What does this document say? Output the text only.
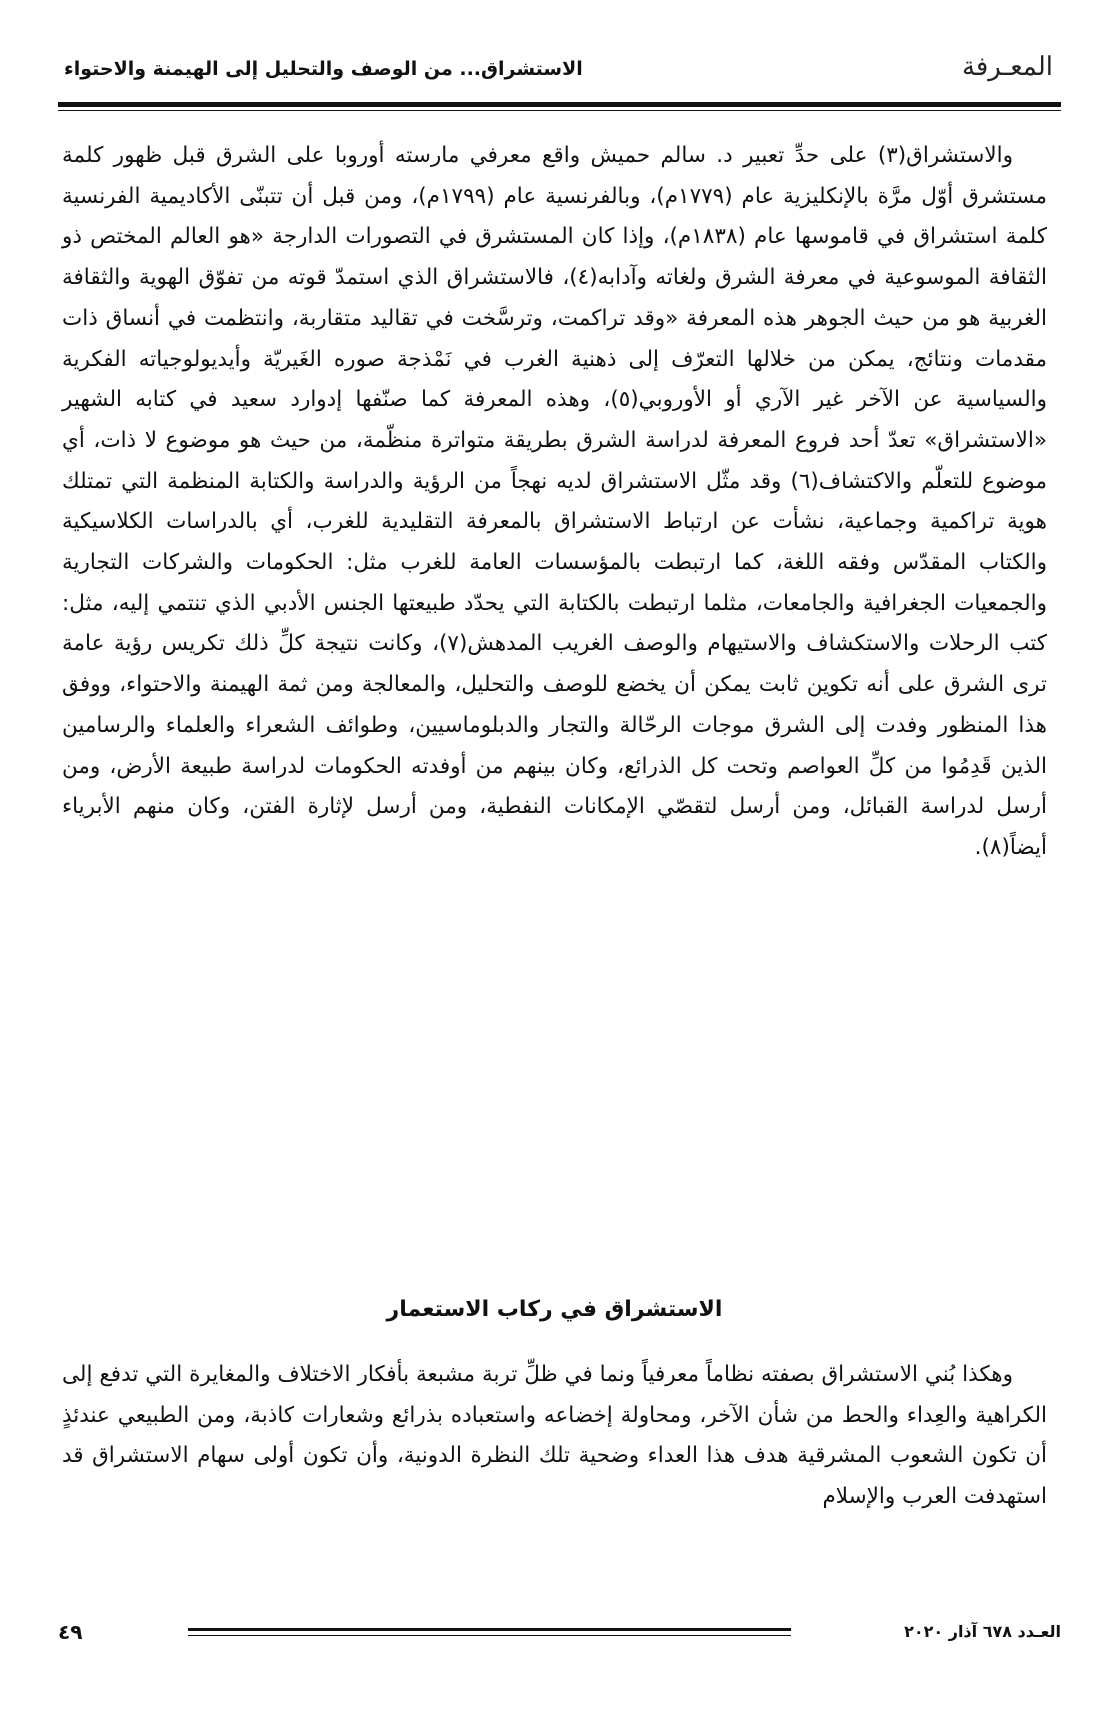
المعـرفة
الاستشراق... من الوصف والتحليل إلى الهيمنة والاحتواء

والاستشراق(٣) على حدِّ تعبير د. سالم حميش واقع معرفي مارسته أوروبا على الشرق قبل ظهور كلمة مستشرق أوّل مرَّة بالإنكليزية عام (١٧٧٩م)، وبالفرنسية عام (١٧٩٩م)، ومن قبل أن تتبنّى الأكاديمية الفرنسية كلمة استشراق في قاموسها عام (١٨٣٨م)، وإذا كان المستشرق في التصورات الدارجة «هو العالم المختص ذو الثقافة الموسوعية في معرفة الشرق ولغاته وآدابه(٤)، فالاستشراق الذي استمدّ قوته من تفوّق الهوية والثقافة الغربية هو من حيث الجوهر هذه المعرفة «وقد تراكمت، وترسَّخت في تقاليد متقاربة، وانتظمت في أنساق ذات مقدمات ونتائج، يمكن من خلالها التعرّف إلى ذهنية الغرب في نَمْذجة صوره الغَيريّة وأيديولوجياته الفكرية والسياسية عن الآخر غير الآري أو الأوروبي(٥)، وهذه المعرفة كما صنّفها إدوارد سعيد في كتابه الشهير «الاستشراق» تعدّ أحد فروع المعرفة لدراسة الشرق بطريقة متواترة منظّمة، من حيث هو موضوع لا ذات، أي موضوع للتعلّم والاكتشاف(٦) وقد مثّل الاستشراق لديه نهجاً من الرؤية والدراسة والكتابة المنظمة التي تمتلك هوية تراكمية وجماعية، نشأت عن ارتباط الاستشراق بالمعرفة التقليدية للغرب، أي بالدراسات الكلاسيكية والكتاب المقدّس وفقه اللغة، كما ارتبطت بالمؤسسات العامة للغرب مثل: الحكومات والشركات التجارية والجمعيات الجغرافية والجامعات، مثلما ارتبطت بالكتابة التي يحدّد طبيعتها الجنس الأدبي الذي تنتمي إليه، مثل: كتب الرحلات والاستكشاف والاستيهام والوصف الغريب المدهش(٧)، وكانت نتيجة كلِّ ذلك تكريس رؤية عامة ترى الشرق على أنه تكوين ثابت يمكن أن يخضع للوصف والتحليل، والمعالجة ومن ثمة الهيمنة والاحتواء، ووفق هذا المنظور وفدت إلى الشرق موجات الرحّالة والتجار والدبلوماسيين، وطوائف الشعراء والعلماء والرسامين الذين قَدِمُوا من كلِّ العواصم وتحت كل الذرائع، وكان بينهم من أوفدته الحكومات لدراسة طبيعة الأرض، ومن أرسل لدراسة القبائل، ومن أرسل لتقصّي الإمكانات النفطية، ومن أرسل لإثارة الفتن، وكان منهم الأبرياء أيضاً(٨).

الاستشراق في ركاب الاستعمار

وهكذا بُني الاستشراق بصفته نظاماً معرفياً ونما في ظلِّ تربة مشبعة بأفكار الاختلاف والمغايرة التي تدفع إلى الكراهية والعِداء والحط من شأن الآخر، ومحاولة إخضاعه واستعباده بذرائع وشعارات كاذبة، ومن الطبيعي عندئذٍ أن تكون الشعوب المشرقية هدف هذا العداء وضحية تلك النظرة الدونية، وأن تكون أولى سهام الاستشراق قد استهدفت العرب والإسلام

العـدد ٦٧٨ آذار ٢٠٢٠
٤٩
